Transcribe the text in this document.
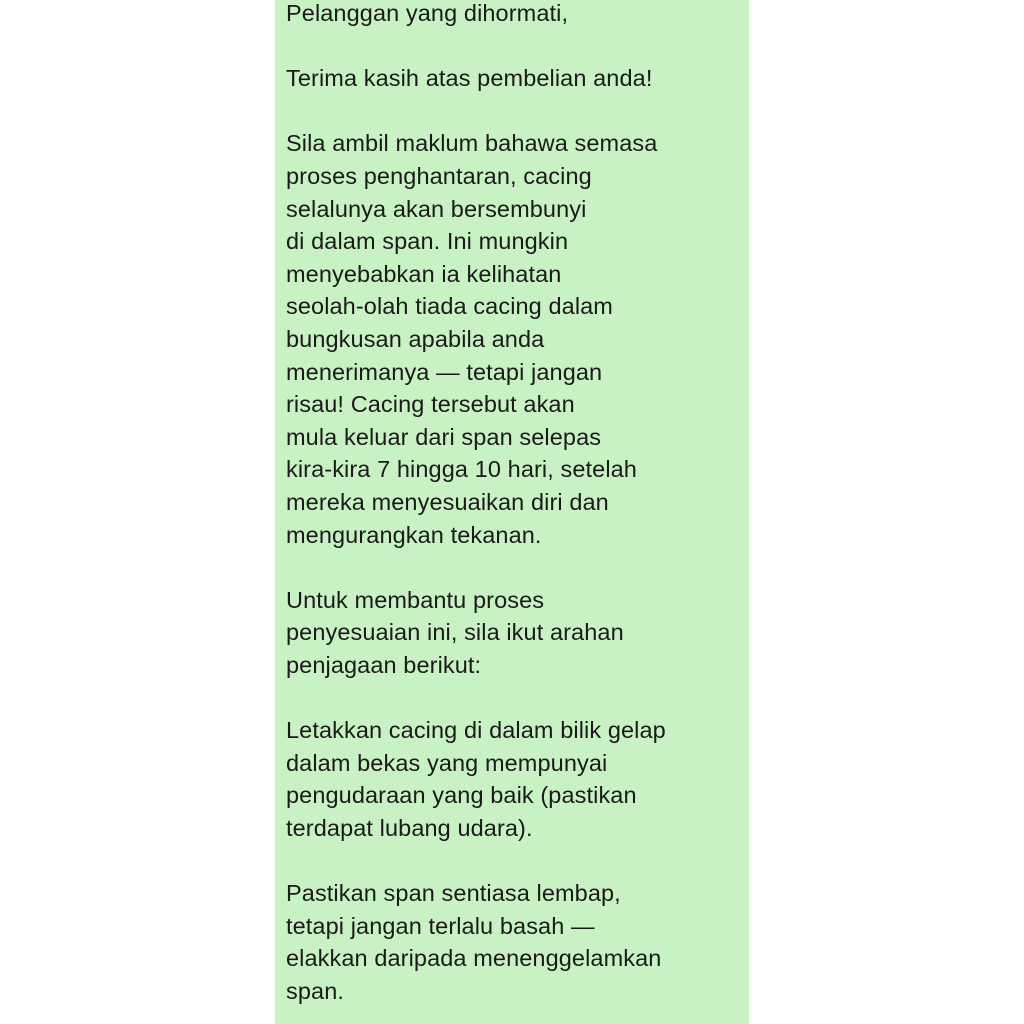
Pelanggan yang dihormati,
Terima kasih atas pembelian anda!
Sila ambil maklum bahawa semasa
proses penghantaran, cacing
selalunya akan bersembunyi
di dalam span. Ini mungkin
menyebabkan ia kelihatan
seolah-olah tiada cacing dalam
bungkusan apabila anda
menerimanya — tetapi jangan
risau! Cacing tersebut akan
mula keluar dari span selepas
kira-kira 7 hingga 10 hari, setelah
mereka menyesuaikan diri dan
mengurangkan tekanan.
Untuk membantu proses
penyesuaian ini, sila ikut arahan
penjagaan berikut:
Letakkan cacing di dalam bilik gelap
dalam bekas yang mempunyai
pengudaraan yang baik (pastikan
terdapat lubang udara).
Pastikan span sentiasa lembap,
tetapi jangan terlalu basah —
elakkan daripada menenggelamkan
span.
